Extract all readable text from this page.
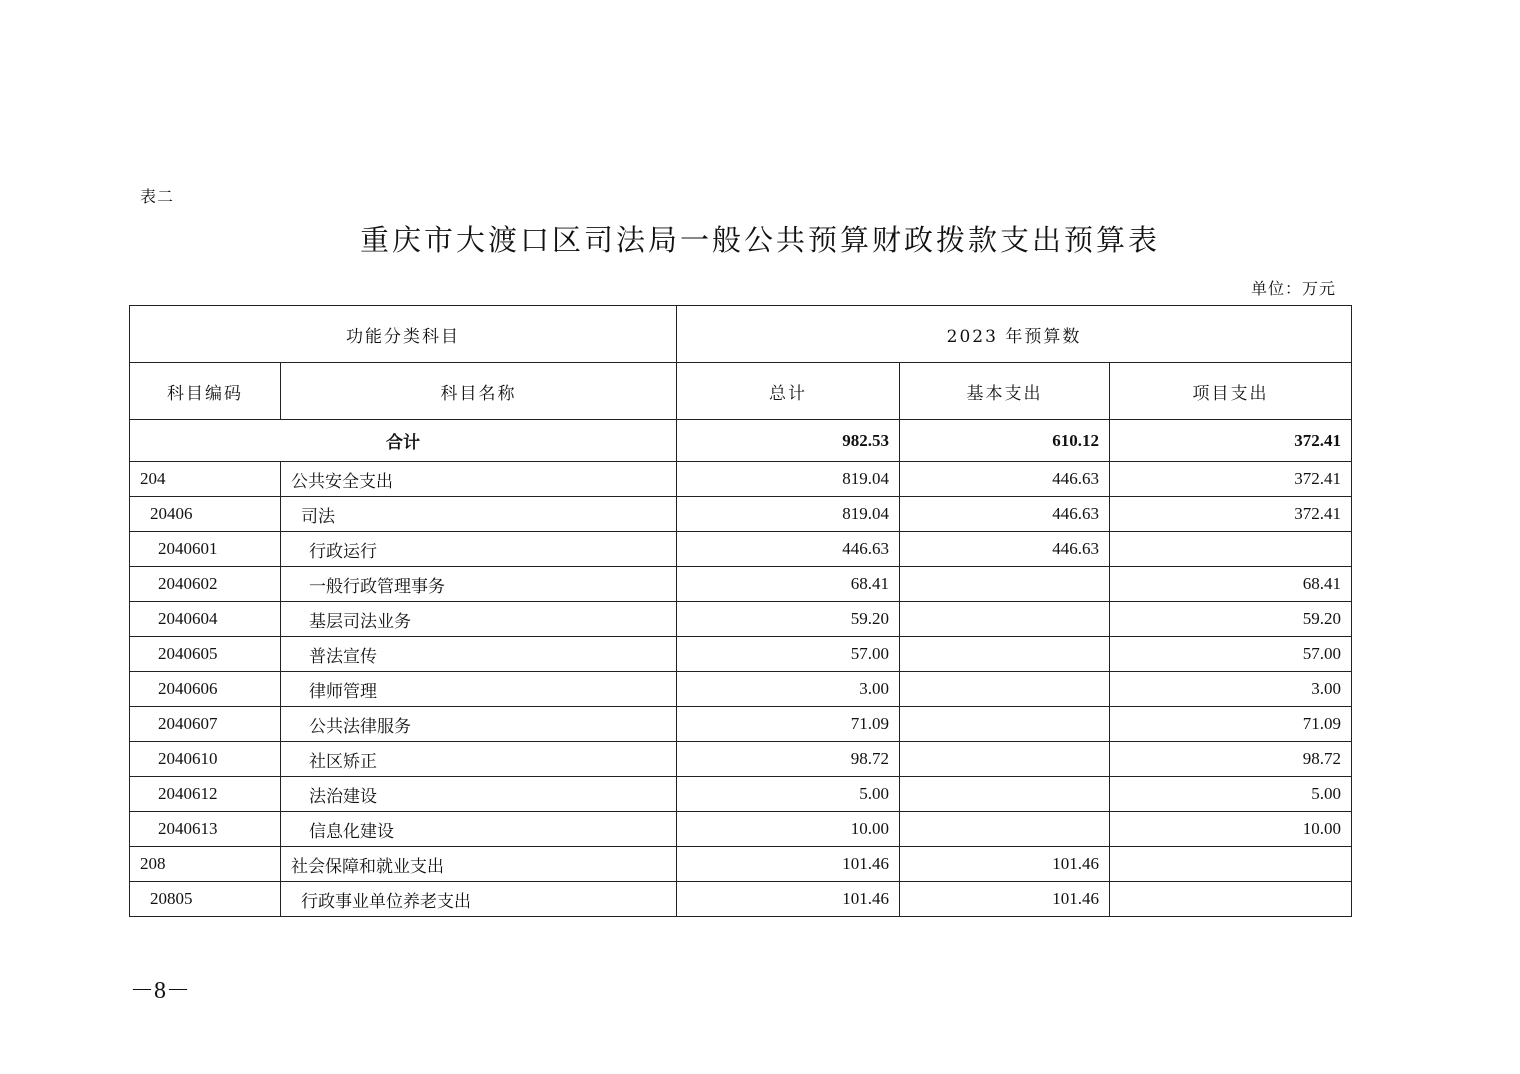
表二
重庆市大渡口区司法局一般公共预算财政拨款支出预算表
单位：万元
功能分类科目		2023 年预算数		
科目编码	科目名称	总计	基本支出	项目支出
合计		982.53	610.12	372.41
204	公共安全支出	819.04	446.63	372.41
20406	司法	819.04	446.63	372.41
2040601	行政运行	446.63	446.63	
2040602	一般行政管理事务	68.41		68.41
2040604	基层司法业务	59.20		59.20
2040605	普法宣传	57.00		57.00
2040606	律师管理	3.00		3.00
2040607	公共法律服务	71.09		71.09
2040610	社区矫正	98.72		98.72
2040612	法治建设	5.00		5.00
2040613	信息化建设	10.00		10.00
208	社会保障和就业支出	101.46	101.46	
20805	行政事业单位养老支出	101.46	101.46	
－8－
